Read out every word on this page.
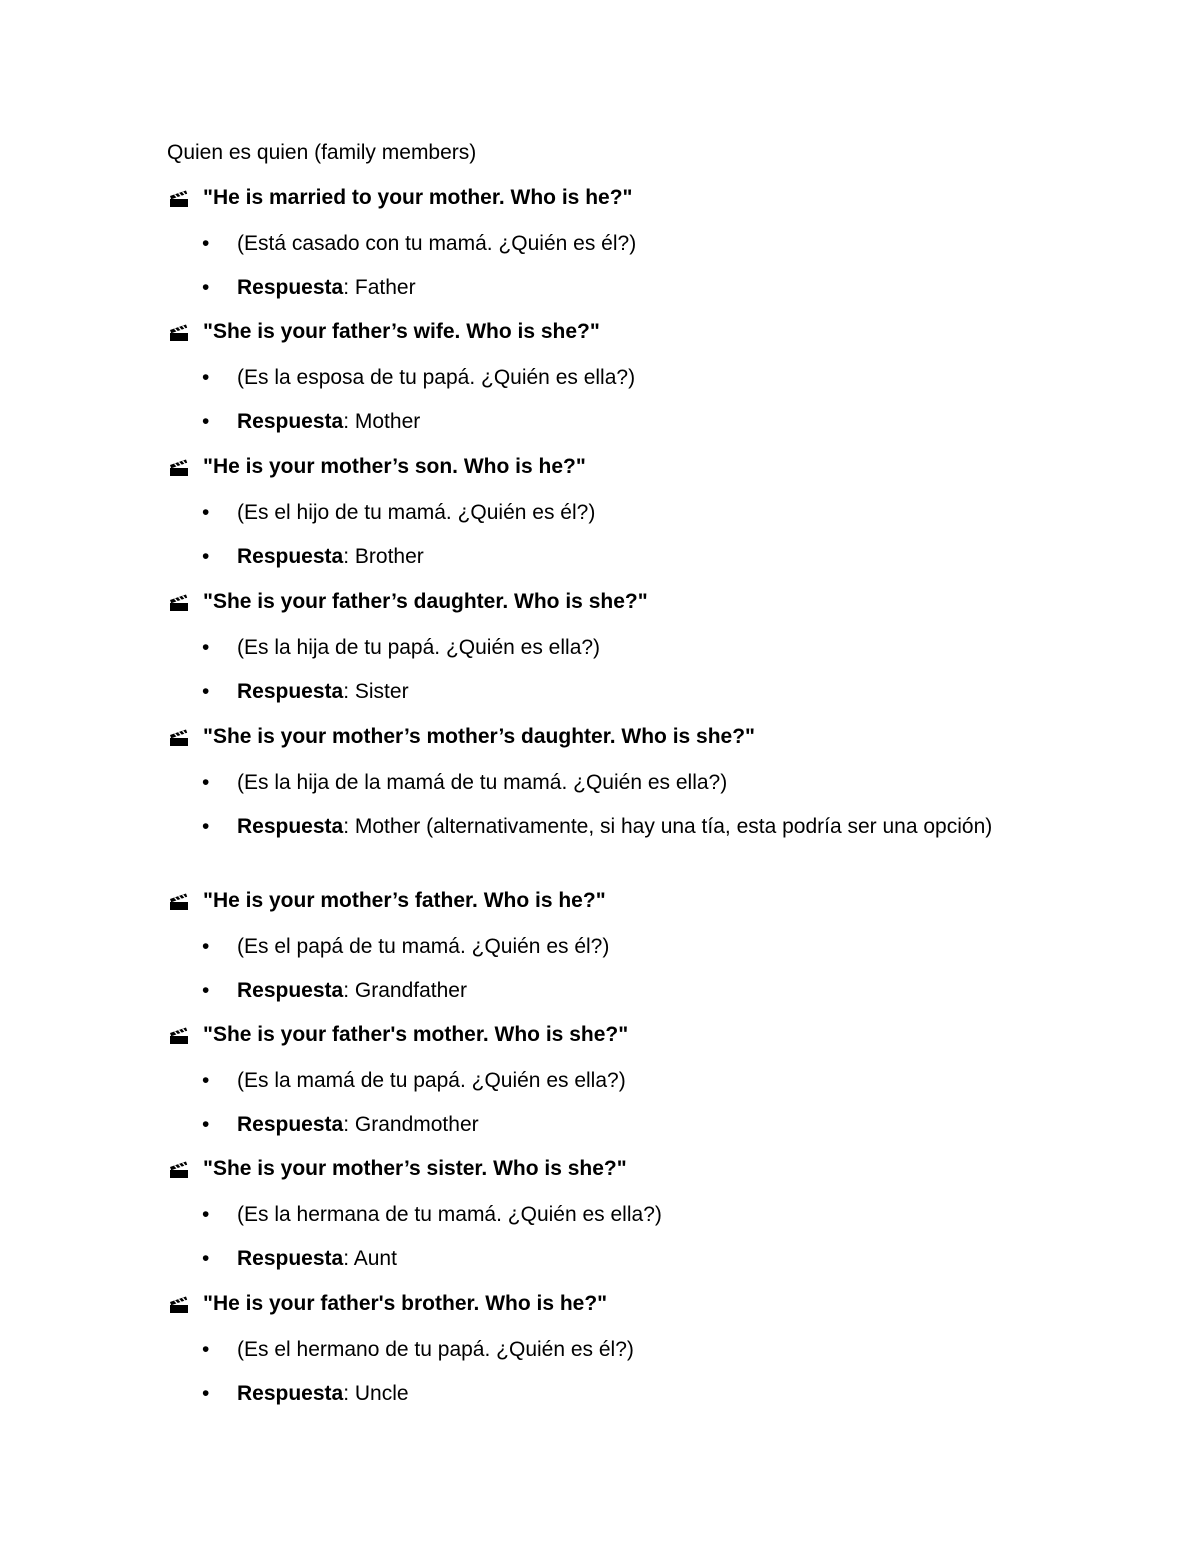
Quien es quien (family members)
"He is married to your mother. Who is he?"
•	(Está casado con tu mamá. ¿Quién es él?)
•	Respuesta: Father
"She is your father’s wife. Who is she?"
•	(Es la esposa de tu papá. ¿Quién es ella?)
•	Respuesta: Mother
"He is your mother’s son. Who is he?"
•	(Es el hijo de tu mamá. ¿Quién es él?)
•	Respuesta: Brother
"She is your father’s daughter. Who is she?"
•	(Es la hija de tu papá. ¿Quién es ella?)
•	Respuesta: Sister
"She is your mother’s mother’s daughter. Who is she?"
•	(Es la hija de la mamá de tu mamá. ¿Quién es ella?)
•	Respuesta: Mother (alternativamente, si hay una tía, esta podría ser una opción)
"He is your mother’s father. Who is he?"
•	(Es el papá de tu mamá. ¿Quién es él?)
•	Respuesta: Grandfather
"She is your father's mother. Who is she?"
•	(Es la mamá de tu papá. ¿Quién es ella?)
•	Respuesta: Grandmother
"She is your mother’s sister. Who is she?"
•	(Es la hermana de tu mamá. ¿Quién es ella?)
•	Respuesta: Aunt
"He is your father's brother. Who is he?"
•	(Es el hermano de tu papá. ¿Quién es él?)
•	Respuesta: Uncle
